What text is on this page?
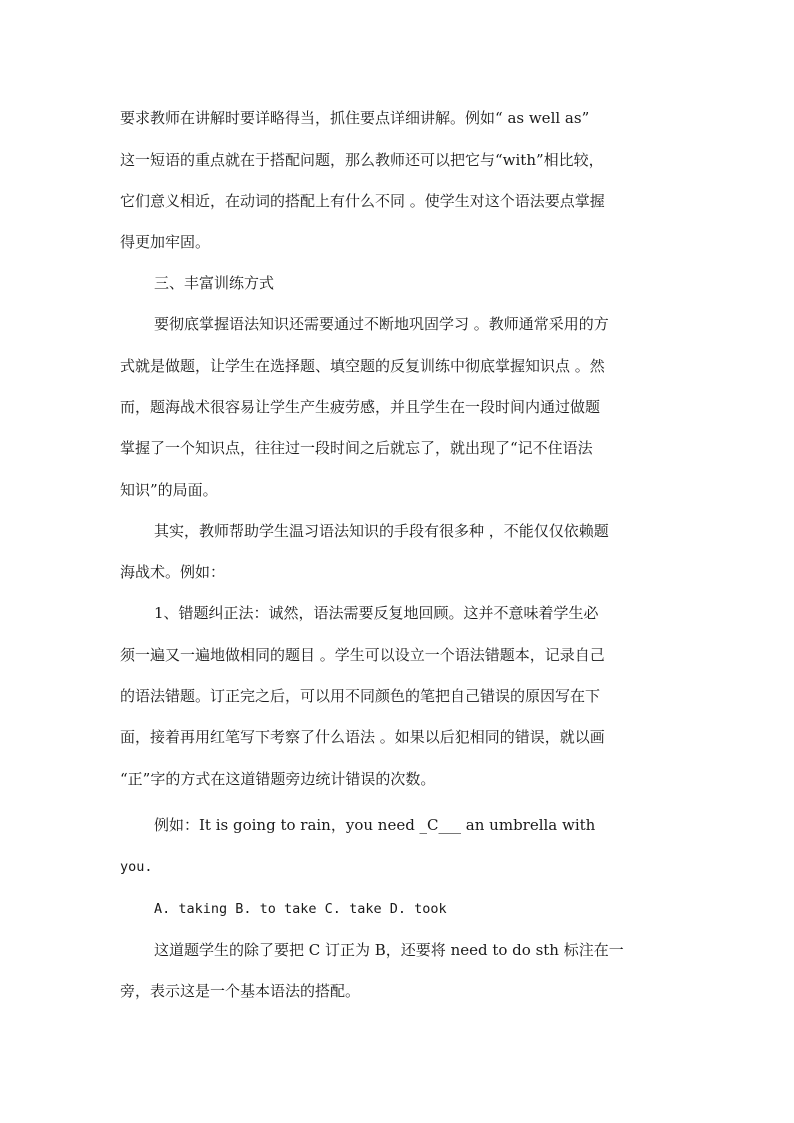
要求教师在讲解时要详略得当，抓住要点详细讲解。例如“ as well as”
这一短语的重点就在于搭配问题，那么教师还可以把它与“with”相比较，
它们意义相近，在动词的搭配上有什么不同 。使学生对这个语法要点掌握
得更加牢固。
三、丰富训练方式
要彻底掌握语法知识还需要通过不断地巩固学习 。教师通常采用的方
式就是做题，让学生在选择题、填空题的反复训练中彻底掌握知识点 。然
而，题海战术很容易让学生产生疲劳感，并且学生在一段时间内通过做题
掌握了一个知识点，往往过一段时间之后就忘了，就出现了“记不住语法
知识”的局面。
其实，教师帮助学生温习语法知识的手段有很多种 ，不能仅仅依赖题
海战术。例如：
1、错题纠正法：诚然，语法需要反复地回顾。这并不意味着学生必
须一遍又一遍地做相同的题目 。学生可以设立一个语法错题本，记录自己
的语法错题。订正完之后，可以用不同颜色的笔把自己错误的原因写在下
面，接着再用红笔写下考察了什么语法 。如果以后犯相同的错误，就以画
“正”字的方式在这道错题旁边统计错误的次数。
例如：It is going to rain，you need _C___ an umbrella with
you.
A. taking B. to take C. take D. took
这道题学生的除了要把 C 订正为 B，还要将 need to do sth 标注在一
旁，表示这是一个基本语法的搭配。
